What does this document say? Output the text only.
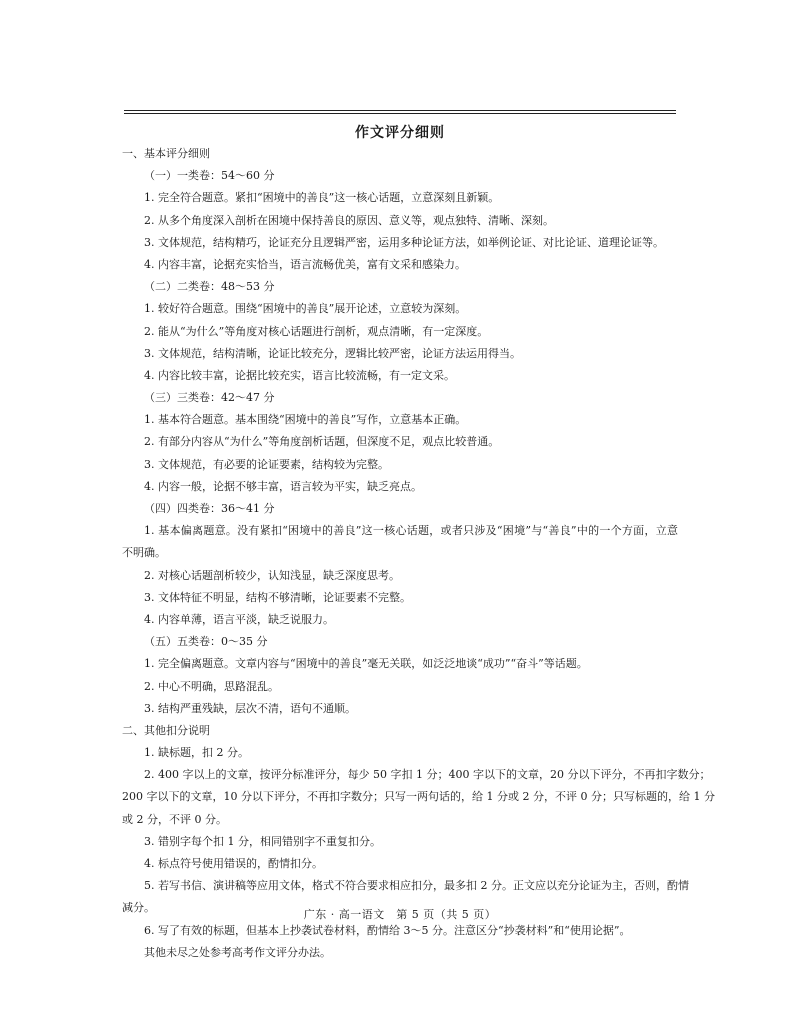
作文评分细则
一、基本评分细则
（一）一类卷：54～60 分
1. 完全符合题意。紧扣“困境中的善良”这一核心话题，立意深刻且新颖。
2. 从多个角度深入剖析在困境中保持善良的原因、意义等，观点独特、清晰、深刻。
3. 文体规范，结构精巧，论证充分且逻辑严密，运用多种论证方法，如举例论证、对比论证、道理论证等。
4. 内容丰富，论据充实恰当，语言流畅优美，富有文采和感染力。
（二）二类卷：48～53 分
1. 较好符合题意。围绕“困境中的善良”展开论述，立意较为深刻。
2. 能从“为什么”等角度对核心话题进行剖析，观点清晰，有一定深度。
3. 文体规范，结构清晰，论证比较充分，逻辑比较严密，论证方法运用得当。
4. 内容比较丰富，论据比较充实，语言比较流畅，有一定文采。
（三）三类卷：42～47 分
1. 基本符合题意。基本围绕“困境中的善良”写作，立意基本正确。
2. 有部分内容从“为什么”等角度剖析话题，但深度不足，观点比较普通。
3. 文体规范，有必要的论证要素，结构较为完整。
4. 内容一般，论据不够丰富，语言较为平实，缺乏亮点。
（四）四类卷：36～41 分
1. 基本偏离题意。没有紧扣“困境中的善良”这一核心话题，或者只涉及“困境”与“善良”中的一个方面，立意
不明确。
2. 对核心话题剖析较少，认知浅显，缺乏深度思考。
3. 文体特征不明显，结构不够清晰，论证要素不完整。
4. 内容单薄，语言平淡，缺乏说服力。
（五）五类卷：0～35 分
1. 完全偏离题意。文章内容与“困境中的善良”毫无关联，如泛泛地谈“成功”“奋斗”等话题。
2. 中心不明确，思路混乱。
3. 结构严重残缺，层次不清，语句不通顺。
二、其他扣分说明
1. 缺标题，扣 2 分。
2. 400 字以上的文章，按评分标准评分，每少 50 字扣 1 分；400 字以下的文章，20 分以下评分，不再扣字数分；
200 字以下的文章，10 分以下评分，不再扣字数分；只写一两句话的，给 1 分或 2 分，不评 0 分；只写标题的，给 1 分
或 2 分，不评 0 分。
3. 错别字每个扣 1 分，相同错别字不重复扣分。
4. 标点符号使用错误的，酌情扣分。
5. 若写书信、演讲稿等应用文体，格式不符合要求相应扣分，最多扣 2 分。正文应以充分论证为主，否则，酌情
减分。
6. 写了有效的标题，但基本上抄袭试卷材料，酌情给 3～5 分。注意区分“抄袭材料”和“使用论据”。
其他未尽之处参考高考作文评分办法。
广东 · 高一语文　第 5 页（共 5 页）
